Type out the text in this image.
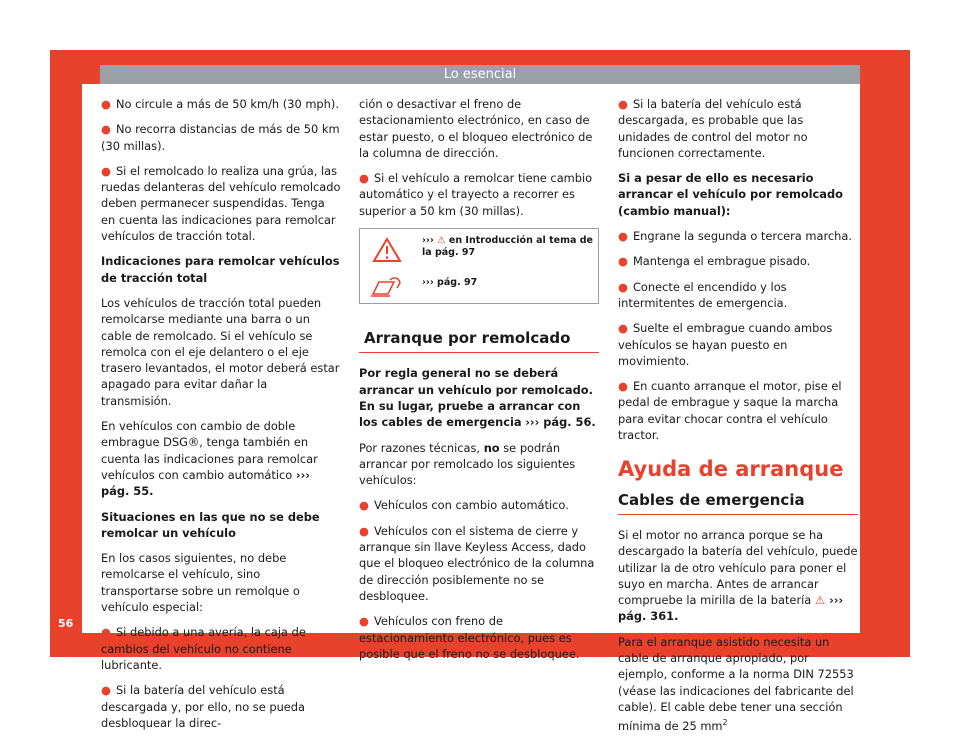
Lo esencial
56
● No circule a más de 50 km/h (30 mph).
● No recorra distancias de más de 50 km (30 millas).
● Si el remolcado lo realiza una grúa, las ruedas delanteras del vehículo remolcado deben permanecer suspendidas. Tenga en cuenta las indicaciones para remolcar vehículos de tracción total.

Indicaciones para remolcar vehículos de tracción total

Los vehículos de tracción total pueden remolcarse mediante una barra o un cable de remolcado. Si el vehículo se remolca con el eje delantero o el eje trasero levantados, el motor deberá estar apagado para evitar dañar la transmisión.

En vehículos con cambio de doble embrague DSG®, tenga también en cuenta las indicaciones para remolcar vehículos con cambio automático ››› pág. 55.

Situaciones en las que no se debe remolcar un vehículo

En los casos siguientes, no debe remolcarse el vehículo, sino transportarse sobre un remolque o vehículo especial:

● Si debido a una avería, la caja de cambios del vehículo no contiene lubricante.
● Si la batería del vehículo está descargada y, por ello, no se pueda desbloquear la direc-

ción o desactivar el freno de estacionamiento electrónico, en caso de estar puesto, o el bloqueo electrónico de la columna de dirección.

● Si el vehículo a remolcar tiene cambio automático y el trayecto a recorrer es superior a 50 km (30 millas).
››› ⚠ en Introducción al tema de la pág. 97
››› pág. 97
Arranque por remolcado

Por regla general no se deberá arrancar un vehículo por remolcado. En su lugar, pruebe a arrancar con los cables de emergencia ››› pág. 56.

Por razones técnicas, no se podrán arrancar por remolcado los siguientes vehículos:

● Vehículos con cambio automático.
● Vehículos con el sistema de cierre y arranque sin llave Keyless Access, dado que el bloqueo electrónico de la columna de dirección posiblemente no se desbloquee.
● Vehículos con freno de estacionamiento electrónico, pues es posible que el freno no se desbloquee.
● Si la batería del vehículo está descargada, es probable que las unidades de control del motor no funcionen correctamente.

Si a pesar de ello es necesario arrancar el vehículo por remolcado (cambio manual):

● Engrane la segunda o tercera marcha.
● Mantenga el embrague pisado.
● Conecte el encendido y los intermitentes de emergencia.
● Suelte el embrague cuando ambos vehículos se hayan puesto en movimiento.
● En cuanto arranque el motor, pise el pedal de embrague y saque la marcha para evitar chocar contra el vehículo tractor.
Ayuda de arranque
Cables de emergencia

Si el motor no arranca porque se ha descargado la batería del vehículo, puede utilizar la de otro vehículo para poner el suyo en marcha. Antes de arrancar compruebe la mirilla de la batería ⚠ ››› pág. 361.

Para el arranque asistido necesita un cable de arranque apropiado, por ejemplo, conforme a la norma DIN 72553 (véase las indicaciones del fabricante del cable). El cable debe tener una sección mínima de 25 $mm^2$
